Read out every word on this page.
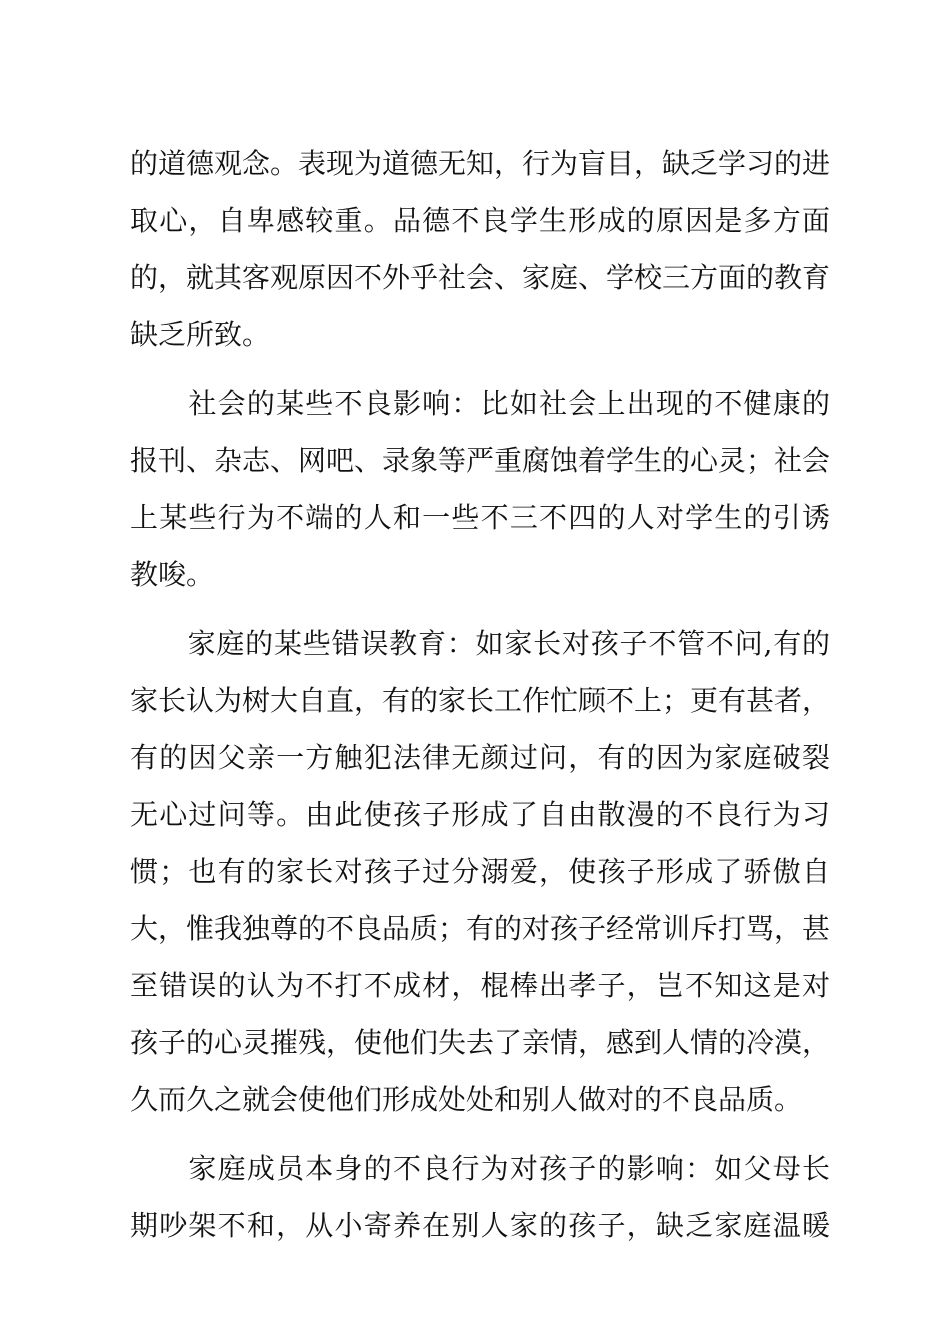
的道德观念。表现为道德无知，行为盲目，缺乏学习的进
取心，自卑感较重。品德不良学生形成的原因是多方面
的，就其客观原因不外乎社会、家庭、学校三方面的教育
缺乏所致。
　　社会的某些不良影响：比如社会上出现的不健康的
报刊、杂志、网吧、录象等严重腐蚀着学生的心灵；社会
上某些行为不端的人和一些不三不四的人对学生的引诱
教唆。
　　家庭的某些错误教育：如家长对孩子不管不问,有的
家长认为树大自直，有的家长工作忙顾不上；更有甚者，
有的因父亲一方触犯法律无颜过问，有的因为家庭破裂
无心过问等。由此使孩子形成了自由散漫的不良行为习
惯；也有的家长对孩子过分溺爱，使孩子形成了骄傲自
大，惟我独尊的不良品质；有的对孩子经常训斥打骂，甚
至错误的认为不打不成材，棍棒出孝子，岂不知这是对
孩子的心灵摧残，使他们失去了亲情，感到人情的冷漠，
久而久之就会使他们形成处处和别人做对的不良品质。
　　家庭成员本身的不良行为对孩子的影响：如父母长
期吵架不和，从小寄养在别人家的孩子，缺乏家庭温暖
